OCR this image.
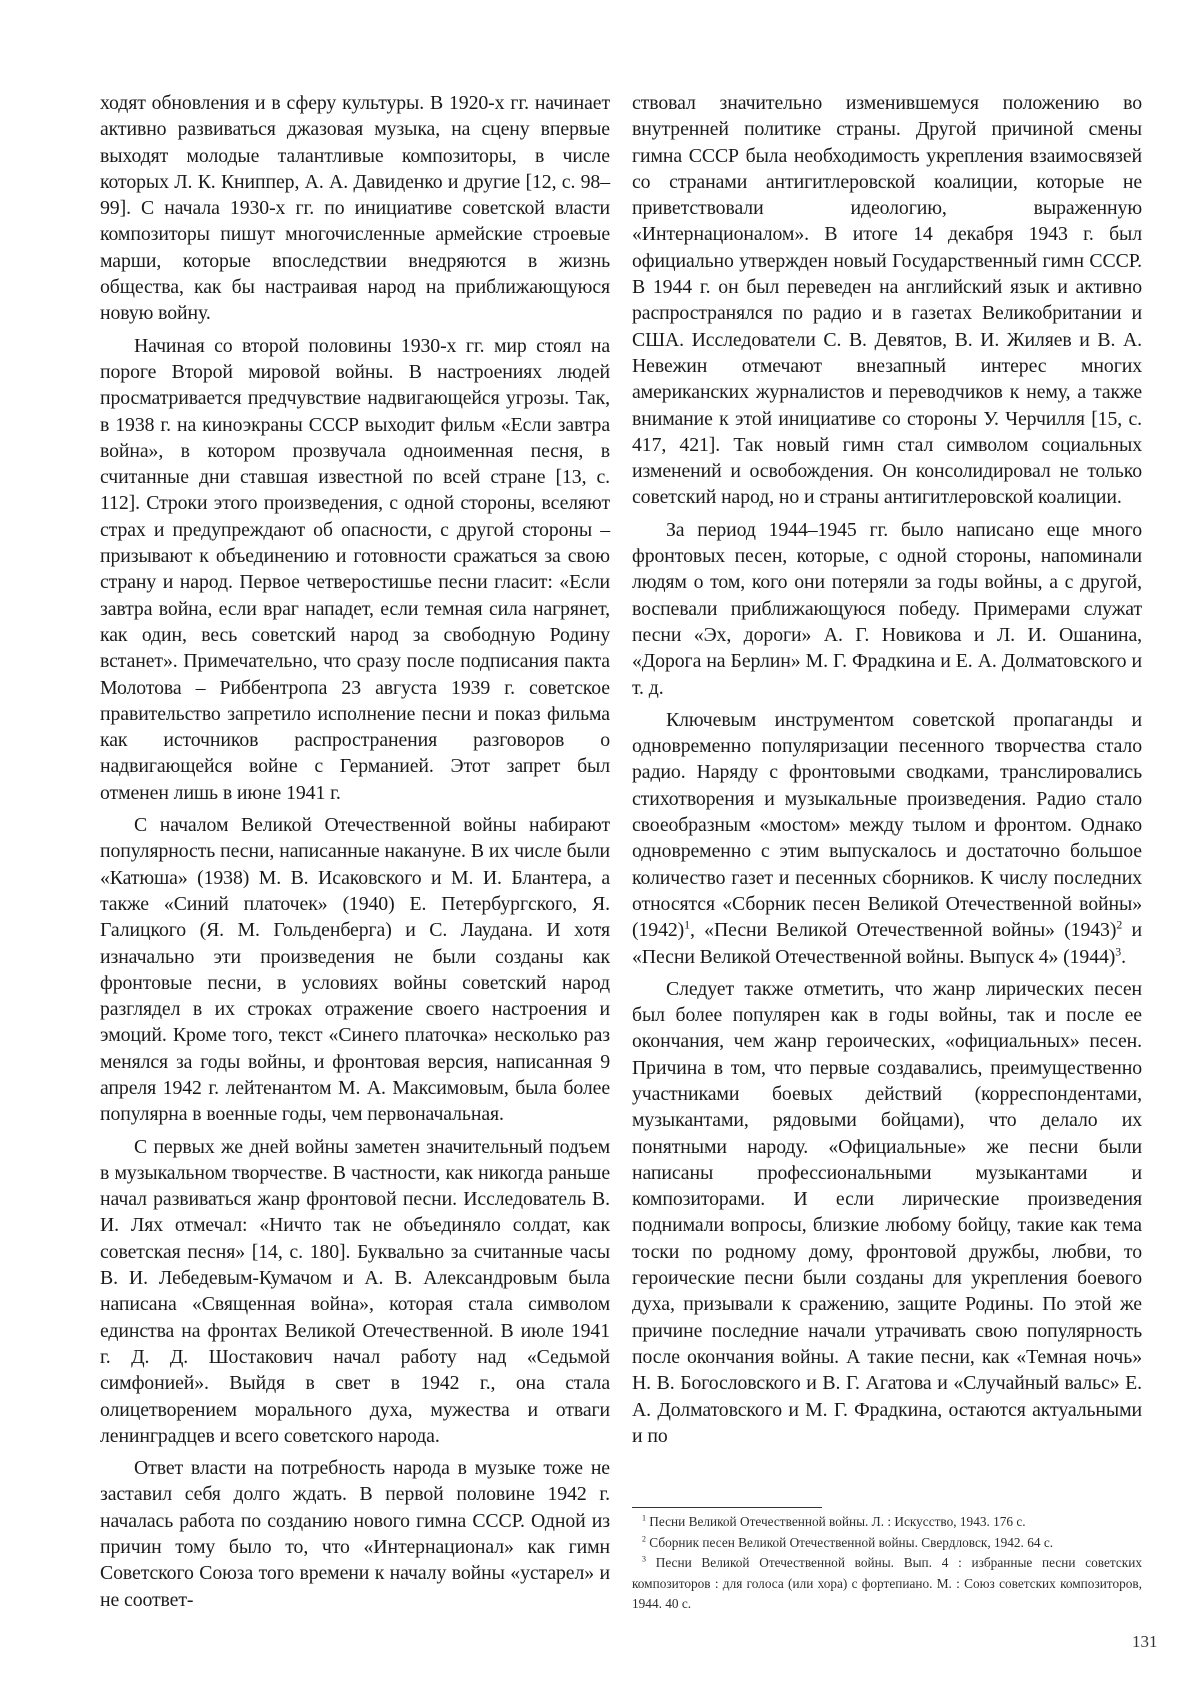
ходят обновления и в сферу культуры. В 1920-х гг. начинает активно развиваться джазовая музыка, на сцену впервые выходят молодые талантливые композиторы, в числе которых Л. К. Книппер, А. А. Давиденко и другие [12, с. 98–99]. С начала 1930-х гг. по инициативе советской власти композиторы пишут многочисленные армейские строевые марши, которые впоследствии внедряются в жизнь общества, как бы настраивая народ на приближающуюся новую войну.

Начиная со второй половины 1930-х гг. мир стоял на пороге Второй мировой войны. В настроениях людей просматривается предчувствие надвигающейся угрозы. Так, в 1938 г. на киноэкраны СССР выходит фильм «Если завтра война», в котором прозвучала одноименная песня, в считанные дни ставшая известной по всей стране [13, с. 112]. Строки этого произведения, с одной стороны, вселяют страх и предупреждают об опасности, с другой стороны – призывают к объединению и готовности сражаться за свою страну и народ. Первое четверостишье песни гласит: «Если завтра война, если враг нападет, если темная сила нагрянет, как один, весь советский народ за свободную Родину встанет». Примечательно, что сразу после подписания пакта Молотова – Риббентропа 23 августа 1939 г. советское правительство запретило исполнение песни и показ фильма как источников распространения разговоров о надвигающейся войне с Германией. Этот запрет был отменен лишь в июне 1941 г.

С началом Великой Отечественной войны набирают популярность песни, написанные накануне. В их числе были «Катюша» (1938) М. В. Исаковского и М. И. Блантера, а также «Синий платочек» (1940) Е. Петербургского, Я. Галицкого (Я. М. Гольденберга) и С. Лаудана. И хотя изначально эти произведения не были созданы как фронтовые песни, в условиях войны советский народ разглядел в их строках отражение своего настроения и эмоций. Кроме того, текст «Синего платочка» несколько раз менялся за годы войны, и фронтовая версия, написанная 9 апреля 1942 г. лейтенантом М. А. Максимовым, была более популярна в военные годы, чем первоначальная.

С первых же дней войны заметен значительный подъем в музыкальном творчестве. В частности, как никогда раньше начал развиваться жанр фронтовой песни. Исследователь В. И. Лях отмечал: «Ничто так не объединяло солдат, как советская песня» [14, с. 180]. Буквально за считанные часы В. И. Лебедевым-Кумачом и А. В. Александровым была написана «Священная война», которая стала символом единства на фронтах Великой Отечественной. В июле 1941 г. Д. Д. Шостакович начал работу над «Седьмой симфонией». Выйдя в свет в 1942 г., она стала олицетворением морального духа, мужества и отваги ленинградцев и всего советского народа.

Ответ власти на потребность народа в музыке тоже не заставил себя долго ждать. В первой половине 1942 г. началась работа по созданию нового гимна СССР. Одной из причин тому было то, что «Интернационал» как гимн Советского Союза того времени к началу войны «устарел» и не соответ-

ствовал значительно изменившемуся положению во внутренней политике страны. Другой причиной смены гимна СССР была необходимость укрепления взаимосвязей со странами антигитлеровской коалиции, которые не приветствовали идеологию, выраженную «Интернационалом». В итоге 14 декабря 1943 г. был официально утвержден новый Государственный гимн СССР. В 1944 г. он был переведен на английский язык и активно распространялся по радио и в газетах Великобритании и США. Исследователи С. В. Девятов, В. И. Жиляев и В. А. Невежин отмечают внезапный интерес многих американских журналистов и переводчиков к нему, а также внимание к этой инициативе со стороны У. Черчилля [15, с. 417, 421]. Так новый гимн стал символом социальных изменений и освобождения. Он консолидировал не только советский народ, но и страны антигитлеровской коалиции.

За период 1944–1945 гг. было написано еще много фронтовых песен, которые, с одной стороны, напоминали людям о том, кого они потеряли за годы войны, а с другой, воспевали приближающуюся победу. Примерами служат песни «Эх, дороги» А. Г. Новикова и Л. И. Ошанина, «Дорога на Берлин» М. Г. Фрадкина и Е. А. Долматовского и т. д.

Ключевым инструментом советской пропаганды и одновременно популяризации песенного творчества стало радио. Наряду с фронтовыми сводками, транслировались стихотворения и музыкальные произведения. Радио стало своеобразным «мостом» между тылом и фронтом. Однако одновременно с этим выпускалось и достаточно большое количество газет и песенных сборников. К числу последних относятся «Сборник песен Великой Отечественной войны» $(1942)^1$, «Песни Великой Отечественной войны» $(1943)^2$ и «Песни Великой Отечественной войны. Выпуск 4» $(1944)^3$.

Следует также отметить, что жанр лирических песен был более популярен как в годы войны, так и после ее окончания, чем жанр героических, «официальных» песен. Причина в том, что первые создавались, преимущественно участниками боевых действий (корреспондентами, музыкантами, рядовыми бойцами), что делало их понятными народу. «Официальные» же песни были написаны профессиональными музыкантами и композиторами. И если лирические произведения поднимали вопросы, близкие любому бойцу, такие как тема тоски по родному дому, фронтовой дружбы, любви, то героические песни были созданы для укрепления боевого духа, призывали к сражению, защите Родины. По этой же причине последние начали утрачивать свою популярность после окончания войны. А такие песни, как «Темная ночь» Н. В. Богословского и В. Г. Агатова и «Случайный вальс» Е. А. Долматовского и М. Г. Фрадкина, остаются актуальными и по

$^1$ Песни Великой Отечественной войны. Л. : Искусство, 1943. 176 с.

$^2$ Сборник песен Великой Отечественной войны. Свердловск, 1942. 64 с.

$^3$ Песни Великой Отечественной войны. Вып. 4 : избранные песни советских композиторов : для голоса (или хора) с фортепиано. М. : Союз советских композиторов, 1944. 40 с.

131
